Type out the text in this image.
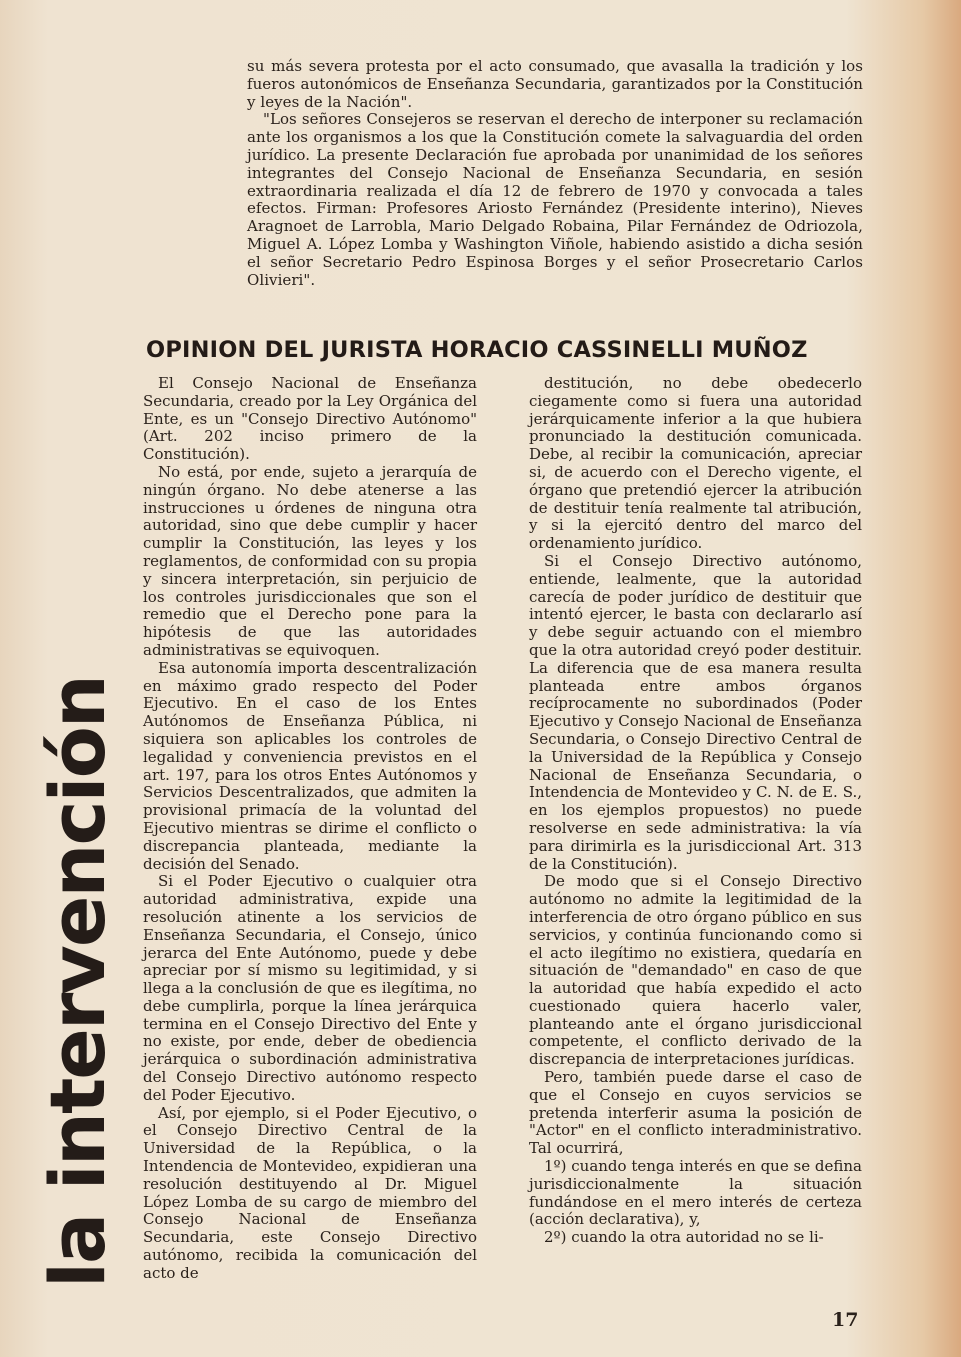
su más severa protesta por el acto consumado, que avasalla la tradición y los fueros autonómicos de Enseñanza Secundaria, garantizados por la Constitución y leyes de la Nación".

"Los señores Consejeros se reservan el derecho de interponer su reclamación ante los organismos a los que la Constitución comete la salvaguardia del orden jurídico. La presente Declaración fue aprobada por unanimidad de los señores integrantes del Consejo Nacional de Enseñanza Secundaria, en sesión extraordinaria realizada el día 12 de febrero de 1970 y convocada a tales efectos. Firman: Profesores Ariosto Fernández (Presidente interino), Nieves Aragnoet de Larrobla, Mario Delgado Robaina, Pilar Fernández de Odriozola, Miguel A. López Lomba y Washington Viñole, habiendo asistido a dicha sesión el señor Secretario Pedro Espinosa Borges y el señor Prosecretario Carlos Olivieri".

OPINION DEL JURISTA HORACIO CASSINELLI MUÑOZ

El Consejo Nacional de Enseñanza Secundaria, creado por la Ley Orgánica del Ente, es un "Consejo Directivo Autónomo" (Art. 202 inciso primero de la Constitución).

No está, por ende, sujeto a jerarquía de ningún órgano. No debe atenerse a las instrucciones u órdenes de ninguna otra autoridad, sino que debe cumplir y hacer cumplir la Constitución, las leyes y los reglamentos, de conformidad con su propia y sincera interpretación, sin perjuicio de los controles jurisdiccionales que son el remedio que el Derecho pone para la hipótesis de que las autoridades administrativas se equivoquen.

Esa autonomía importa descentralización en máximo grado respecto del Poder Ejecutivo. En el caso de los Entes Autónomos de Enseñanza Pública, ni siquiera son aplicables los controles de legalidad y conveniencia previstos en el art. 197, para los otros Entes Autónomos y Servicios Descentralizados, que admiten la provisional primacía de la voluntad del Ejecutivo mientras se dirime el conflicto o discrepancia planteada, mediante la decisión del Senado.

Si el Poder Ejecutivo o cualquier otra autoridad administrativa, expide una resolución atinente a los servicios de Enseñanza Secundaria, el Consejo, único jerarca del Ente Autónomo, puede y debe apreciar por sí mismo su legitimidad, y si llega a la conclusión de que es ilegítima, no debe cumplirla, porque la línea jerárquica termina en el Consejo Directivo del Ente y no existe, por ende, deber de obediencia jerárquica o subordinación administrativa del Consejo Directivo autónomo respecto del Poder Ejecutivo.

Así, por ejemplo, si el Poder Ejecutivo, o el Consejo Directivo Central de la Universidad de la República, o la Intendencia de Montevideo, expidieran una resolución destituyendo al Dr. Miguel López Lomba de su cargo de miembro del Consejo Nacional de Enseñanza Secundaria, este Consejo Directivo autónomo, recibida la comunicación del acto de

destitución, no debe obedecerlo ciegamente como si fuera una autoridad jerárquicamente inferior a la que hubiera pronunciado la destitución comunicada. Debe, al recibir la comunicación, apreciar si, de acuerdo con el Derecho vigente, el órgano que pretendió ejercer la atribución de destituir tenía realmente tal atribución, y si la ejercitó dentro del marco del ordenamiento jurídico.

Si el Consejo Directivo autónomo, entiende, lealmente, que la autoridad carecía de poder jurídico de destituir que intentó ejercer, le basta con declararlo así y debe seguir actuando con el miembro que la otra autoridad creyó poder destituir. La diferencia que de esa manera resulta planteada entre ambos órganos recíprocamente no subordinados (Poder Ejecutivo y Consejo Nacional de Enseñanza Secundaria, o Consejo Directivo Central de la Universidad de la República y Consejo Nacional de Enseñanza Secundaria, o Intendencia de Montevideo y C. N. de E. S., en los ejemplos propuestos) no puede resolverse en sede administrativa: la vía para dirimirla es la jurisdiccional Art. 313 de la Constitución).

De modo que si el Consejo Directivo autónomo no admite la legitimidad de la interferencia de otro órgano público en sus servicios, y continúa funcionando como si el acto ilegítimo no existiera, quedaría en situación de "demandado" en caso de que la autoridad que había expedido el acto cuestionado quiera hacerlo valer, planteando ante el órgano jurisdiccional competente, el conflicto derivado de la discrepancia de interpretaciones jurídicas.

Pero, también puede darse el caso de que el Consejo en cuyos servicios se pretenda interferir asuma la posición de "Actor" en el conflicto interadministrativo. Tal ocurrirá,

1º) cuando tenga interés en que se defina jurisdiccionalmente la situación fundándose en el mero interés de certeza (acción declarativa), y,

2º) cuando la otra autoridad no se li-

la intervención
17
